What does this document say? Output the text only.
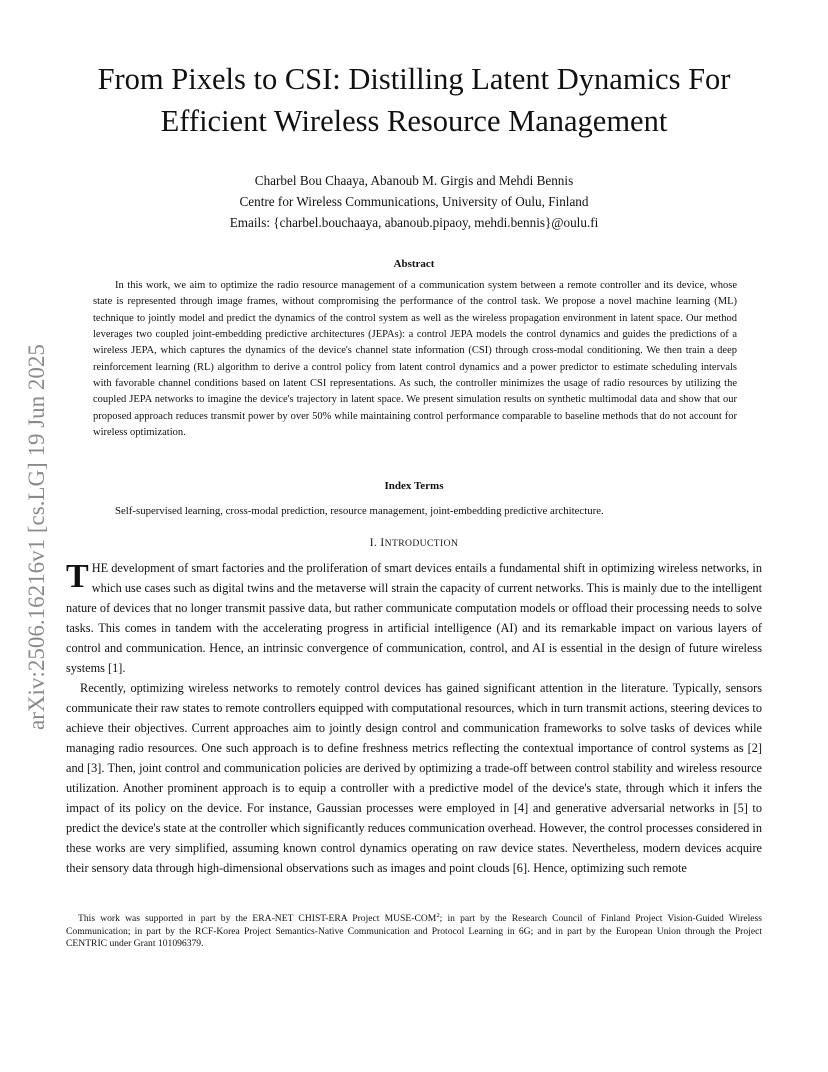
arXiv:2506.16216v1 [cs.LG] 19 Jun 2025
From Pixels to CSI: Distilling Latent Dynamics For
Efficient Wireless Resource Management
Charbel Bou Chaaya, Abanoub M. Girgis and Mehdi Bennis
Centre for Wireless Communications, University of Oulu, Finland
Emails: {charbel.bouchaaya, abanoub.pipaoy, mehdi.bennis}@oulu.fi
Abstract

In this work, we aim to optimize the radio resource management of a communication system between a remote controller and its device, whose state is represented through image frames, without compromising the performance of the control task. We propose a novel machine learning (ML) technique to jointly model and predict the dynamics of the control system as well as the wireless propagation environment in latent space. Our method leverages two coupled joint-embedding predictive architectures (JEPAs): a control JEPA models the control dynamics and guides the predictions of a wireless JEPA, which captures the dynamics of the device's channel state information (CSI) through cross-modal conditioning. We then train a deep reinforcement learning (RL) algorithm to derive a control policy from latent control dynamics and a power predictor to estimate scheduling intervals with favorable channel conditions based on latent CSI representations. As such, the controller minimizes the usage of radio resources by utilizing the coupled JEPA networks to imagine the device's trajectory in latent space. We present simulation results on synthetic multimodal data and show that our proposed approach reduces transmit power by over 50% while maintaining control performance comparable to baseline methods that do not account for wireless optimization.

Index Terms

Self-supervised learning, cross-modal prediction, resource management, joint-embedding predictive architecture.

I. INTRODUCTION

THE development of smart factories and the proliferation of smart devices entails a fundamental shift in optimizing wireless networks, in which use cases such as digital twins and the metaverse will strain the capacity of current networks. This is mainly due to the intelligent nature of devices that no longer transmit passive data, but rather communicate computation models or offload their processing needs to solve tasks. This comes in tandem with the accelerating progress in artificial intelligence (AI) and its remarkable impact on various layers of control and communication. Hence, an intrinsic convergence of communication, control, and AI is essential in the design of future wireless systems [1].

Recently, optimizing wireless networks to remotely control devices has gained significant attention in the literature. Typically, sensors communicate their raw states to remote controllers equipped with computational resources, which in turn transmit actions, steering devices to achieve their objectives. Current approaches aim to jointly design control and communication frameworks to solve tasks of devices while managing radio resources. One such approach is to define freshness metrics reflecting the contextual importance of control systems as [2] and [3]. Then, joint control and communication policies are derived by optimizing a trade-off between control stability and wireless resource utilization. Another prominent approach is to equip a controller with a predictive model of the device's state, through which it infers the impact of its policy on the device. For instance, Gaussian processes were employed in [4] and generative adversarial networks in [5] to predict the device's state at the controller which significantly reduces communication overhead. However, the control processes considered in these works are very simplified, assuming known control dynamics operating on raw device states. Nevertheless, modern devices acquire their sensory data through high-dimensional observations such as images and point clouds [6]. Hence, optimizing such remote

This work was supported in part by the ERA-NET CHIST-ERA Project MUSE-COM$^2$; in part by the Research Council of Finland Project Vision-Guided Wireless Communication; in part by the RCF-Korea Project Semantics-Native Communication and Protocol Learning in 6G; and in part by the European Union through the Project CENTRIC under Grant 101096379.
